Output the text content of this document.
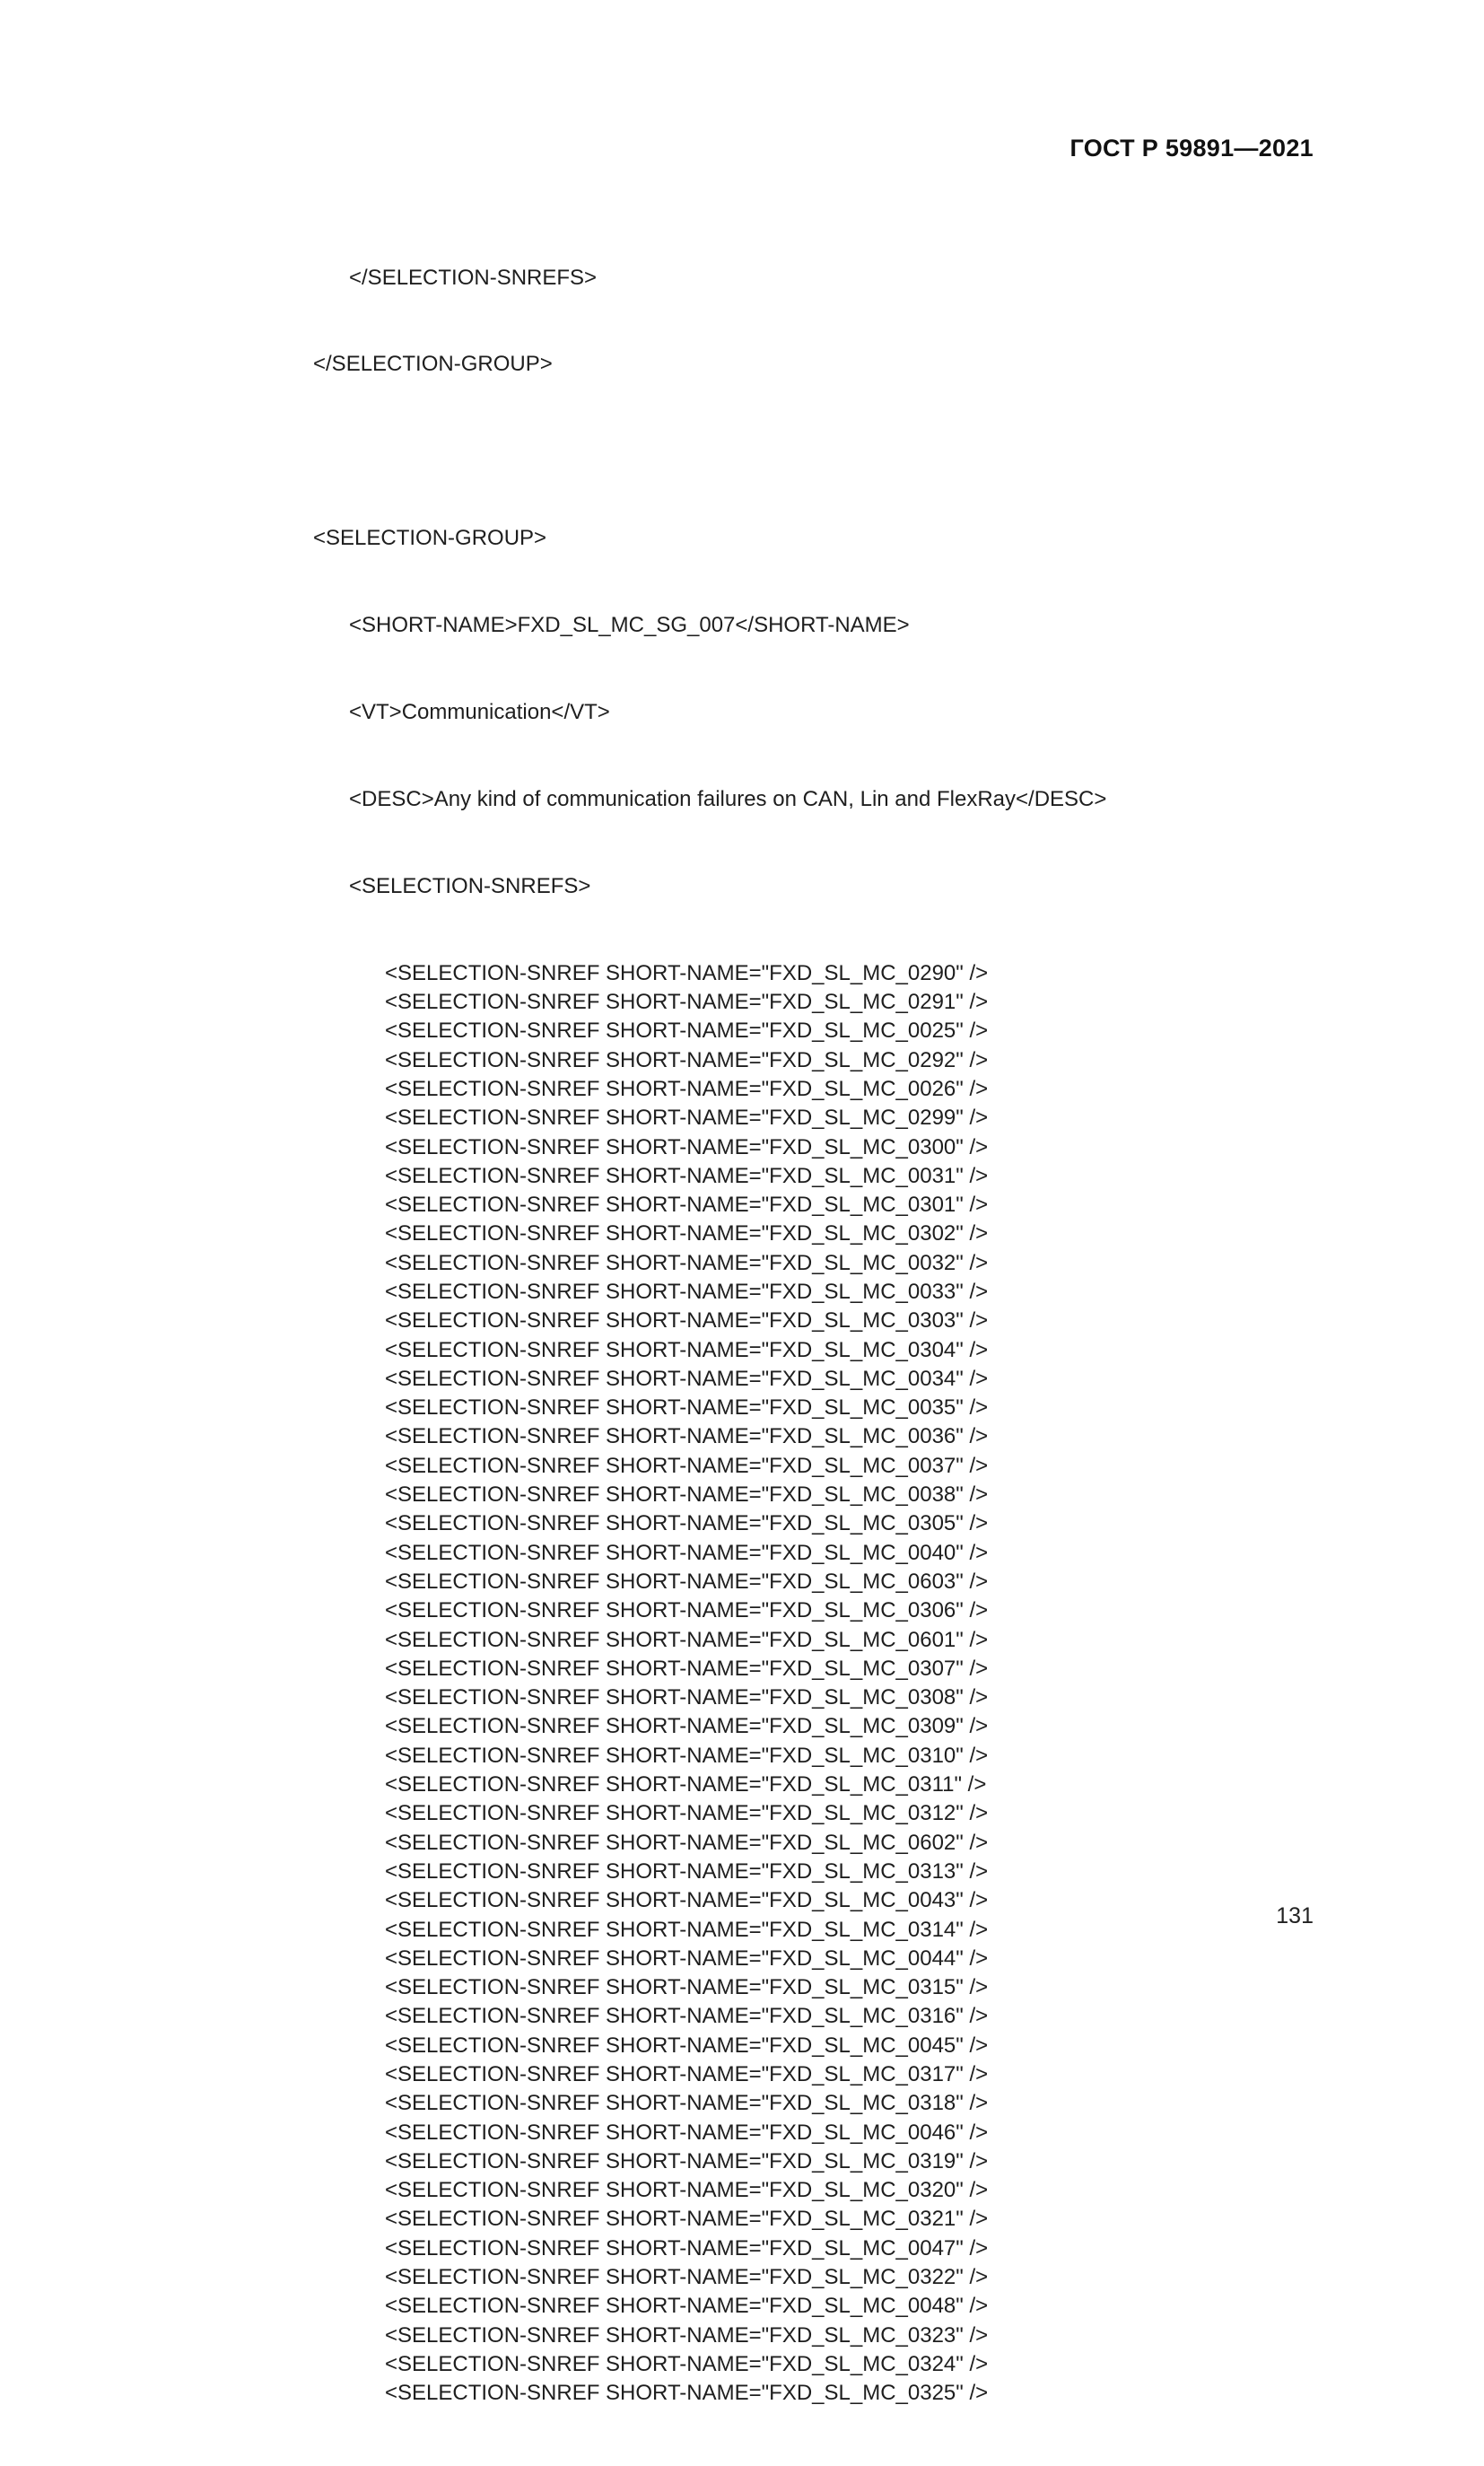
ГОСТ Р 59891—2021

</SELECTION-SNREFS>

</SELECTION-GROUP>

<SELECTION-GROUP>

<SHORT-NAME>FXD_SL_MC_SG_007</SHORT-NAME>

<VT>Communication</VT>

<DESC>Any kind of communication failures on CAN, Lin and FlexRay</DESC>

<SELECTION-SNREFS>

<SELECTION-SNREF SHORT-NAME="FXD_SL_MC_0290" />
<SELECTION-SNREF SHORT-NAME="FXD_SL_MC_0291" />
<SELECTION-SNREF SHORT-NAME="FXD_SL_MC_0025" />
<SELECTION-SNREF SHORT-NAME="FXD_SL_MC_0292" />
<SELECTION-SNREF SHORT-NAME="FXD_SL_MC_0026" />
<SELECTION-SNREF SHORT-NAME="FXD_SL_MC_0299" />
<SELECTION-SNREF SHORT-NAME="FXD_SL_MC_0300" />
<SELECTION-SNREF SHORT-NAME="FXD_SL_MC_0031" />
<SELECTION-SNREF SHORT-NAME="FXD_SL_MC_0301" />
<SELECTION-SNREF SHORT-NAME="FXD_SL_MC_0302" />
<SELECTION-SNREF SHORT-NAME="FXD_SL_MC_0032" />
<SELECTION-SNREF SHORT-NAME="FXD_SL_MC_0033" />
<SELECTION-SNREF SHORT-NAME="FXD_SL_MC_0303" />
<SELECTION-SNREF SHORT-NAME="FXD_SL_MC_0304" />
<SELECTION-SNREF SHORT-NAME="FXD_SL_MC_0034" />
<SELECTION-SNREF SHORT-NAME="FXD_SL_MC_0035" />
<SELECTION-SNREF SHORT-NAME="FXD_SL_MC_0036" />
<SELECTION-SNREF SHORT-NAME="FXD_SL_MC_0037" />
<SELECTION-SNREF SHORT-NAME="FXD_SL_MC_0038" />
<SELECTION-SNREF SHORT-NAME="FXD_SL_MC_0305" />
<SELECTION-SNREF SHORT-NAME="FXD_SL_MC_0040" />
<SELECTION-SNREF SHORT-NAME="FXD_SL_MC_0603" />
<SELECTION-SNREF SHORT-NAME="FXD_SL_MC_0306" />
<SELECTION-SNREF SHORT-NAME="FXD_SL_MC_0601" />
<SELECTION-SNREF SHORT-NAME="FXD_SL_MC_0307" />
<SELECTION-SNREF SHORT-NAME="FXD_SL_MC_0308" />
<SELECTION-SNREF SHORT-NAME="FXD_SL_MC_0309" />
<SELECTION-SNREF SHORT-NAME="FXD_SL_MC_0310" />
<SELECTION-SNREF SHORT-NAME="FXD_SL_MC_0311" />
<SELECTION-SNREF SHORT-NAME="FXD_SL_MC_0312" />
<SELECTION-SNREF SHORT-NAME="FXD_SL_MC_0602" />
<SELECTION-SNREF SHORT-NAME="FXD_SL_MC_0313" />
<SELECTION-SNREF SHORT-NAME="FXD_SL_MC_0043" />
<SELECTION-SNREF SHORT-NAME="FXD_SL_MC_0314" />
<SELECTION-SNREF SHORT-NAME="FXD_SL_MC_0044" />
<SELECTION-SNREF SHORT-NAME="FXD_SL_MC_0315" />
<SELECTION-SNREF SHORT-NAME="FXD_SL_MC_0316" />
<SELECTION-SNREF SHORT-NAME="FXD_SL_MC_0045" />
<SELECTION-SNREF SHORT-NAME="FXD_SL_MC_0317" />
<SELECTION-SNREF SHORT-NAME="FXD_SL_MC_0318" />
<SELECTION-SNREF SHORT-NAME="FXD_SL_MC_0046" />
<SELECTION-SNREF SHORT-NAME="FXD_SL_MC_0319" />
<SELECTION-SNREF SHORT-NAME="FXD_SL_MC_0320" />
<SELECTION-SNREF SHORT-NAME="FXD_SL_MC_0321" />
<SELECTION-SNREF SHORT-NAME="FXD_SL_MC_0047" />
<SELECTION-SNREF SHORT-NAME="FXD_SL_MC_0322" />
<SELECTION-SNREF SHORT-NAME="FXD_SL_MC_0048" />
<SELECTION-SNREF SHORT-NAME="FXD_SL_MC_0323" />
<SELECTION-SNREF SHORT-NAME="FXD_SL_MC_0324" />
<SELECTION-SNREF SHORT-NAME="FXD_SL_MC_0325" />

131
